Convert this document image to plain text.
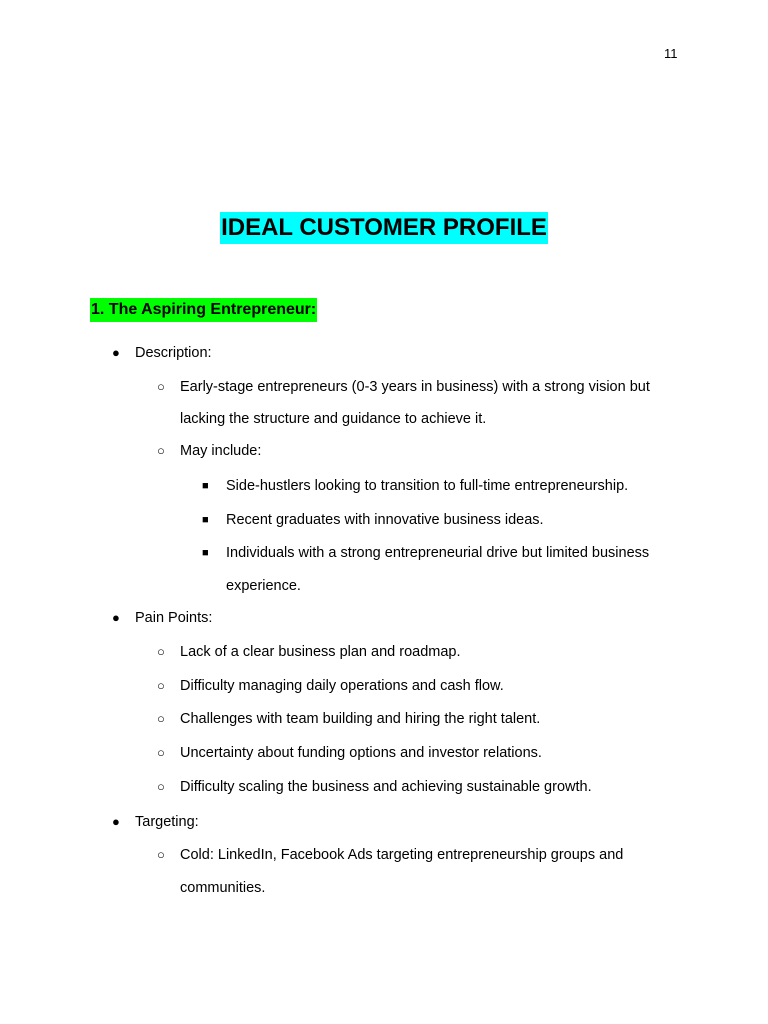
11
IDEAL CUSTOMER PROFILE
1. The Aspiring Entrepreneur:
● Description:
○ Early-stage entrepreneurs (0-3 years in business) with a strong vision but
lacking the structure and guidance to achieve it.
○ May include:
■ Side-hustlers looking to transition to full-time entrepreneurship.
■ Recent graduates with innovative business ideas.
■ Individuals with a strong entrepreneurial drive but limited business
experience.
● Pain Points:
○ Lack of a clear business plan and roadmap.
○ Difficulty managing daily operations and cash flow.
○ Challenges with team building and hiring the right talent.
○ Uncertainty about funding options and investor relations.
○ Difficulty scaling the business and achieving sustainable growth.
● Targeting:
○ Cold: LinkedIn, Facebook Ads targeting entrepreneurship groups and
communities.
